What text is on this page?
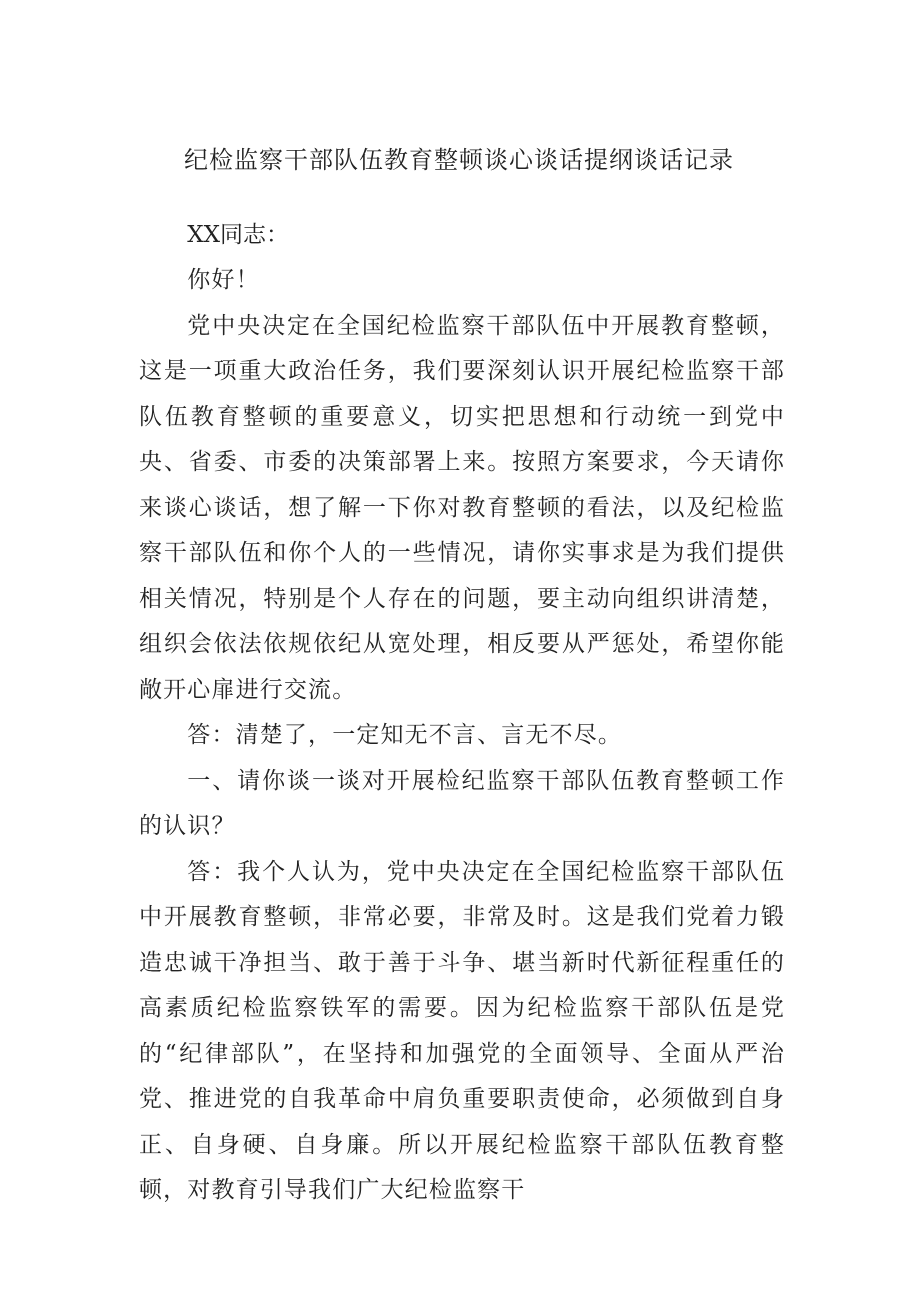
纪检监察干部队伍教育整顿谈心谈话提纲谈话记录

XX同志：

你好！

党中央决定在全国纪检监察干部队伍中开展教育整顿，这是一项重大政治任务，我们要深刻认识开展纪检监察干部队伍教育整顿的重要意义，切实把思想和行动统一到党中央、省委、市委的决策部署上来。按照方案要求，今天请你来谈心谈话，想了解一下你对教育整顿的看法，以及纪检监察干部队伍和你个人的一些情况，请你实事求是为我们提供相关情况，特别是个人存在的问题，要主动向组织讲清楚，组织会依法依规依纪从宽处理，相反要从严惩处，希望你能敞开心扉进行交流。

答：清楚了，一定知无不言、言无不尽。

一、请你谈一谈对开展检纪监察干部队伍教育整顿工作的认识？

答：我个人认为，党中央决定在全国纪检监察干部队伍中开展教育整顿，非常必要，非常及时。这是我们党着力锻造忠诚干净担当、敢于善于斗争、堪当新时代新征程重任的高素质纪检监察铁军的需要。因为纪检监察干部队伍是党的“纪律部队”，在坚持和加强党的全面领导、全面从严治党、推进党的自我革命中肩负重要职责使命，必须做到自身正、自身硬、自身廉。所以开展纪检监察干部队伍教育整顿，对教育引导我们广大纪检监察干
